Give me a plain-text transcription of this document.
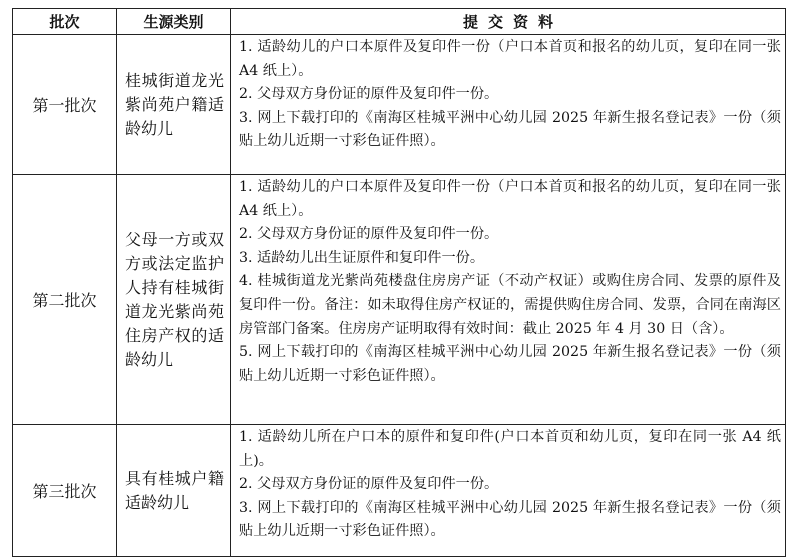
批次	生源类别	提交资料
第一批次	桂城街道龙光紫尚苑户籍适龄幼儿	1. 适龄幼儿的户口本原件及复印件一份（户口本首页和报名的幼儿页，复印在同一张 A4 纸上）。
2. 父母双方身份证的原件及复印件一份。
3. 网上下载打印的《南海区桂城平洲中心幼儿园 2025 年新生报名登记表》一份（须贴上幼儿近期一寸彩色证件照）。

第二批次	父母一方或双方或法定监护人持有桂城街道龙光紫尚苑住房产权的适龄幼儿	1. 适龄幼儿的户口本原件及复印件一份（户口本首页和报名的幼儿页，复印在同一张 A4 纸上）。
2. 父母双方身份证的原件及复印件一份。
3. 适龄幼儿出生证原件和复印件一份。
4. 桂城街道龙光紫尚苑楼盘住房房产证（不动产权证）或购住房合同、发票的原件及复印件一份。备注：如未取得住房产权证的，需提供购住房合同、发票，合同在南海区房管部门备案。住房房产证明取得有效时间：截止 2025 年 4 月 30 日（含）。
5. 网上下载打印的《南海区桂城平洲中心幼儿园 2025 年新生报名登记表》一份（须贴上幼儿近期一寸彩色证件照）。

第三批次	具有桂城户籍适龄幼儿	1. 适龄幼儿所在户口本的原件和复印件(户口本首页和幼儿页，复印在同一张 A4 纸上)。
2. 父母双方身份证的原件及复印件一份。
3. 网上下载打印的《南海区桂城平洲中心幼儿园 2025 年新生报名登记表》一份（须贴上幼儿近期一寸彩色证件照）。
